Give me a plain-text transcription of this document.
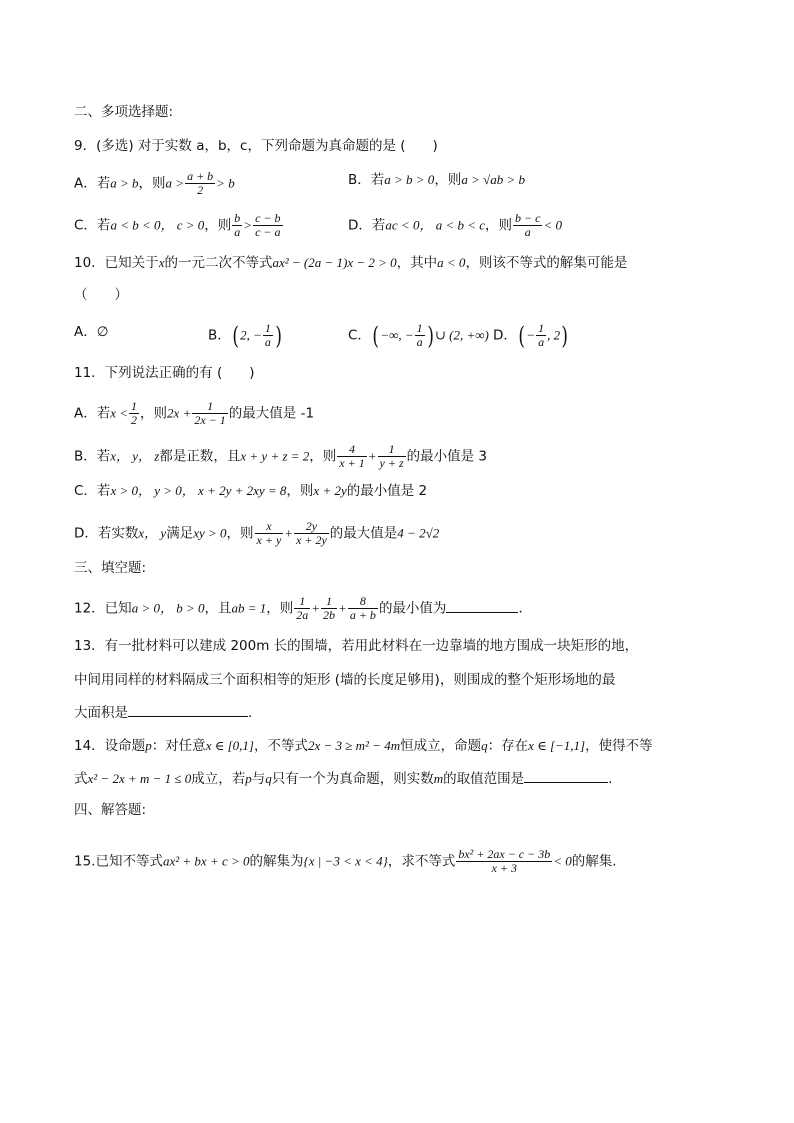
二、多项选择题:
9．(多选) 对于实数 a，b，c，下列命题为真命题的是 (　　)
A．若a > b，则$a > \frac{a + b}{2} > b$	B．若a > b > 0，则a > √ab > b
C．若a < b < 0， c > 0，则 $\frac{b}{a} > \frac{c - b}{c - a}$	D．若ac < 0， a < b < c，则 $\frac{b - c}{a} < 0$
10．已知关于x的一元二次不等式ax² − (2a − 1)x − 2 > 0，其中a < 0，则该不等式的解集可能是
（　　）
A．∅	B．(2, − $\frac{1}{a}$ )	C．(−∞, − $\frac{1}{a}$ )∪ (2, +∞) D．(− $\frac{1}{a}$ , 2)
11．下列说法正确的有 (　　)
A．若$x < \frac{1}{2}$ ，则$2x + \frac{1}{2x - 1}$ 的最大值是 -1
B．若x， y， z都是正数，且x + y + z = 2，则 $\frac{4}{x + 1} + \frac{1}{y + z}$ 的最小值是 3
C．若x > 0， y > 0， x + 2y + 2xy = 8，则x + 2y的最小值是 2
D．若实数x， y满足xy > 0，则 $\frac{x}{x + y} + \frac{2y}{x + 2y}$ 的最大值是4 − 2√2
三、填空题:
12．已知a > 0， b > 0，且ab = 1，则 $\frac{1}{2a} + \frac{1}{2b} + \frac{8}{a + b}$ 的最小值为	．
13．有一批材料可以建成 200m 长的围墙，若用此材料在一边靠墙的地方围成一块矩形的地，
中间用同样的材料隔成三个面积相等的矩形 (墙的长度足够用)，则围成的整个矩形场地的最
大面积是	.
14．设命题p：对任意x ∈ [0,1]，不等式2x − 3 ≥ m² − 4m恒成立，命题q：存在x ∈ [−1,1]，使得不等
式x² − 2x + m − 1 ≤ 0成立，若p与q只有一个为真命题，则实数m的取值范围是	.
四、解答题:
15.已知不等式ax² + bx + c > 0的解集为{x | −3 < x < 4}，求不等式 $\frac{\text{bx² + 2ax − c − 3b}}{x + 3} < 0$的解集.
